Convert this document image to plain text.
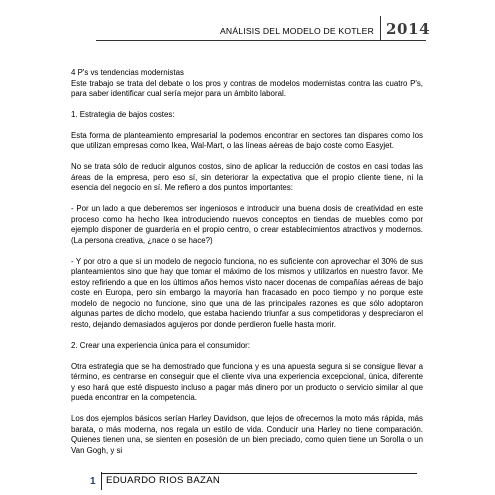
ANÁLISIS DEL MODELO DE KOTLER 2014

4 P's vs tendencias modernistas
Este trabajo se trata del debate o los pros y contras de modelos modernistas contra las cuatro P's, para saber identificar cual sería mejor para un ámbito laboral.

1. Estrategia de bajos costes:

Esta forma de planteamiento empresarial la podemos encontrar en sectores tan dispares como los que utilizan empresas como Ikea, Wal-Mart, o las líneas aéreas de bajo coste como Easyjet.

No se trata sólo de reducir algunos costos, sino de aplicar la reducción de costos en casi todas las áreas de la empresa, pero eso sí, sin deteriorar la expectativa que el propio cliente tiene, ni la esencia del negocio en sí. Me refiero a dos puntos importantes:

- Por un lado a que deberemos ser ingeniosos e introducir una buena dosis de creatividad en este proceso como ha hecho Ikea introduciendo nuevos conceptos en tiendas de muebles como por ejemplo disponer de guardería en el propio centro, o crear establecimientos atractivos y modernos. (La persona creativa, ¿nace o se hace?)

- Y por otro a que si un modelo de negocio funciona, no es suficiente con aprovechar el 30% de sus planteamientos sino que hay que tomar el máximo de los mismos y utilizarlos en nuestro favor. Me estoy refiriendo a que en los últimos años hemos visto nacer docenas de compañías aéreas de bajo coste en Europa, pero sin embargo la mayoría han fracasado en poco tiempo y no porque este modelo de negocio no funcione, sino que una de las principales razones es que sólo adoptaron algunas partes de dicho modelo, que estaba haciendo triunfar a sus competidoras y despreciaron el resto, dejando demasiados agujeros por donde perdieron fuelle hasta morir.

2. Crear una experiencia única para el consumidor:

Otra estrategia que se ha demostrado que funciona y es una apuesta segura si se consigue llevar a término, es centrarse en conseguir que el cliente viva una experiencia excepcional, única, diferente y eso hará que esté dispuesto incluso a pagar más dinero por un producto o servicio similar al que pueda encontrar en la competencia.

Los dos ejemplos básicos serían Harley Davidson, que lejos de ofrecernos la moto más rápida, más barata, o más moderna, nos regala un estilo de vida. Conducir una Harley no tiene comparación. Quienes tienen una, se sienten en posesión de un bien preciado, como quien tiene un Sorolla o un Van Gogh, y si

1 EDUARDO RIOS BAZAN
